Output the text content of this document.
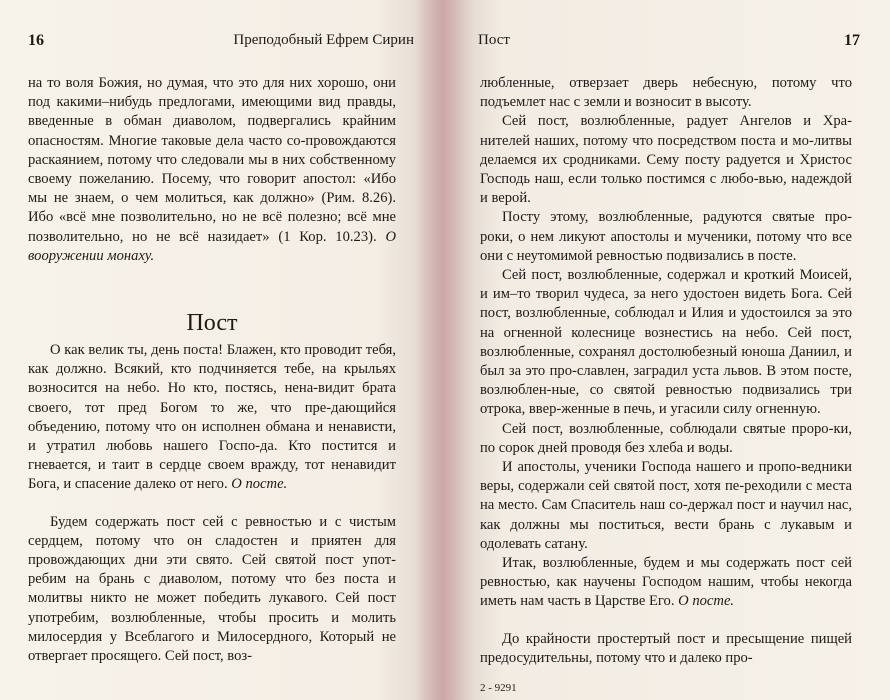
16	Преподобный Ефрем Сирин

на то воля Божия, но думая, что это для них хорошо, они под какими–нибудь предлогами, имеющими вид правды, введенные в обман диаволом, подвергались крайним опасностям. Многие таковые дела часто со-провождаются раскаянием, потому что следовали мы в них собственному своему пожеланию. Посему, что говорит апостол: «Ибо мы не знаем, о чем молиться, как должно» (Рим. 8.26). Ибо «всё мне позволительно, но не всё полезно; всё мне позволительно, но не всё назидает» (1 Кор. 10.23). О вооружении монаху.

Пост

О как велик ты, день поста! Блажен, кто проводит тебя, как должно. Всякий, кто подчиняется тебе, на крыльях возносится на небо. Но кто, постясь, нена-видит брата своего, тот пред Богом то же, что пре-дающийся объедению, потому что он исполнен обмана и ненависти, и утратил любовь нашего Госпо-да. Кто постится и гневается, и таит в сердце своем вражду, тот ненавидит Бога, и спасение далеко от него. О посте.

Будем содержать пост сей с ревностью и с чистым сердцем, потому что он сладостен и приятен для провождающих дни эти свято. Сей святой пост упот-ребим на брань с диаволом, потому что без поста и молитвы никто не может победить лукавого. Сей пост употребим, возлюбленные, чтобы просить и молить милосердия у Всеблагого и Милосердного, Который не отвергает просящего. Сей пост, воз-

Пост	17

любленные, отверзает дверь небесную, потому что подъемлет нас с земли и возносит в высоту.

Сей пост, возлюбленные, радует Ангелов и Хра-нителей наших, потому что посредством поста и мо-литвы делаемся их сродниками. Сему посту радуется и Христос Господь наш, если только постимся с любо-вью, надеждой и верой.

Посту этому, возлюбленные, радуются святые про-роки, о нем ликуют апостолы и мученики, потому что все они с неутомимой ревностью подвизались в посте.

Сей пост, возлюбленные, содержал и кроткий Моисей, и им–то творил чудеса, за него удостоен видеть Бога. Сей пост, возлюбленные, соблюдал и Илия и удостоился за это на огненной колеснице вознестись на небо. Сей пост, возлюбленные, сохранял достолюбезный юноша Даниил, и был за это про-славлен, заградил уста львов. В этом посте, возлюблен-ные, со святой ревностью подвизались три отрока, ввер-женные в печь, и угасили силу огненную.

Сей пост, возлюбленные, соблюдали святые проро-ки, по сорок дней проводя без хлеба и воды.

И апостолы, ученики Господа нашего и пропо-ведники веры, содержали сей святой пост, хотя пе-реходили с места на место. Сам Спаситель наш со-держал пост и научил нас, как должны мы поститься, вести брань с лукавым и одолевать сатану.

Итак, возлюбленные, будем и мы содержать пост сей ревностью, как научены Господом нашим, чтобы некогда иметь нам часть в Царстве Его. О посте.

До крайности простертый пост и пресыщение пищей предосудительны, потому что и далеко про-

2 - 9291
